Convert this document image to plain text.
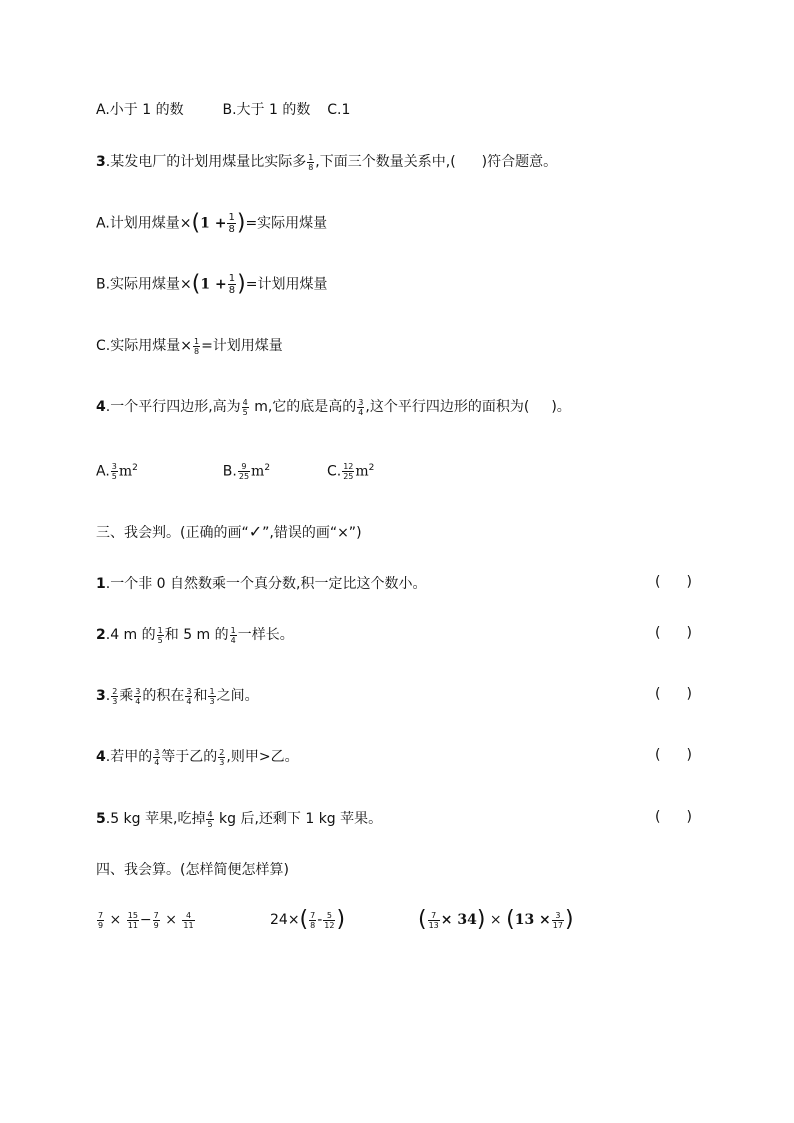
A.小于 1 的数	B.大于 1 的数 C.1
3.某发电厂的计划用煤量比实际多 $\frac{1}{8}$ ,下面三个数量关系中,( )符合题意。
A.计划用煤量$\times(1 + \frac{1}{8}$ )=实际用煤量
B.实际用煤量$\times(1 + \frac{1}{8}$ )=计划用煤量
C.实际用煤量× $\frac{1}{8}$ =计划用煤量
4.一个平行四边形,高为 $\frac{4}{5} m$,它的底是高的 $\frac{3}{4}$ ,这个平行四边形的面积为( )。
A. $\frac{3}{5} m^2$	B. $\frac{9}{25} m^2$	C. $\frac{12}{25} m^2$
三、我会判。(正确的画“✓”,错误的画“×”)
1.一个非 0 自然数乘一个真分数,积一定比这个数小。	( )
2.4 m 的 $\frac{1}{5}$ 和 5 m 的 $\frac{1}{4}$ 一样长。	( )
3. $\frac{2}{3}$ 乘 $\frac{3}{4}$ 的积在 $\frac{3}{4}$ 和 $\frac{1}{3}$ 之间。	( )
4.若甲的 $\frac{3}{4}$ 等于乙的 $\frac{2}{3}$ ,则甲>乙。	( )
5.5 kg 苹果,吃掉 $\frac{4}{5}$ kg 后,还剩下 1 kg 苹果。	( )
四、我会算。(怎样简便怎样算)
$\frac{7}{9} \times \frac{15}{11} - \frac{7}{9} \times \frac{4}{11}$	$24\times( \frac{7}{8} - \frac{5}{12}$ )	( $\frac{7}{13} \times 34) \times (13 \times \frac{3}{17}$ )
